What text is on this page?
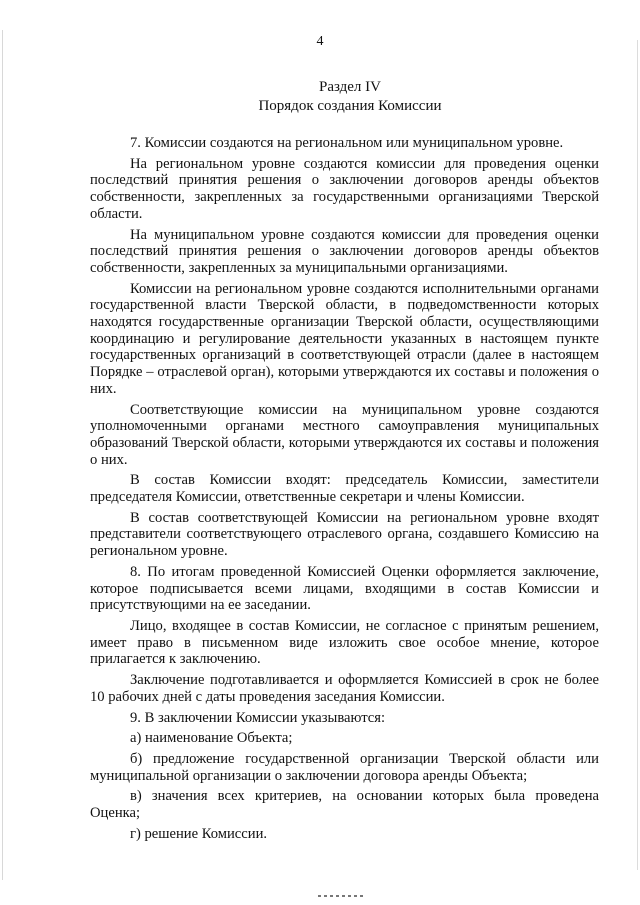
4
Раздел IV
Порядок создания Комиссии

7. Комиссии создаются на региональном или муниципальном уровне.

На региональном уровне создаются комиссии для проведения оценки последствий принятия решения о заключении договоров аренды объектов собственности, закрепленных за государственными организациями Тверской области.

На муниципальном уровне создаются комиссии для проведения оценки последствий принятия решения о заключении договоров аренды объектов собственности, закрепленных за муниципальными организациями.

Комиссии на региональном уровне создаются исполнительными органами государственной власти Тверской области, в подведомственности которых находятся государственные организации Тверской области, осуществляющими координацию и регулирование деятельности указанных в настоящем пункте государственных организаций в соответствующей отрасли (далее в настоящем Порядке – отраслевой орган), которыми утверждаются их составы и положения о них.

Соответствующие комиссии на муниципальном уровне создаются уполномоченными органами местного самоуправления муниципальных образований Тверской области, которыми утверждаются их составы и положения о них.

В состав Комиссии входят: председатель Комиссии, заместители председателя Комиссии, ответственные секретари и члены Комиссии.

В состав соответствующей Комиссии на региональном уровне входят представители соответствующего отраслевого органа, создавшего Комиссию на региональном уровне.

8. По итогам проведенной Комиссией Оценки оформляется заключение, которое подписывается всеми лицами, входящими в состав Комиссии и присутствующими на ее заседании.

Лицо, входящее в состав Комиссии, не согласное с принятым решением, имеет право в письменном виде изложить свое особое мнение, которое прилагается к заключению.

Заключение подготавливается и оформляется Комиссией в срок не более 10 рабочих дней с даты проведения заседания Комиссии.

9. В заключении Комиссии указываются:

а) наименование Объекта;

б) предложение государственной организации Тверской области или муниципальной организации о заключении договора аренды Объекта;

в) значения всех критериев, на основании которых была проведена Оценка;

г) решение Комиссии.
